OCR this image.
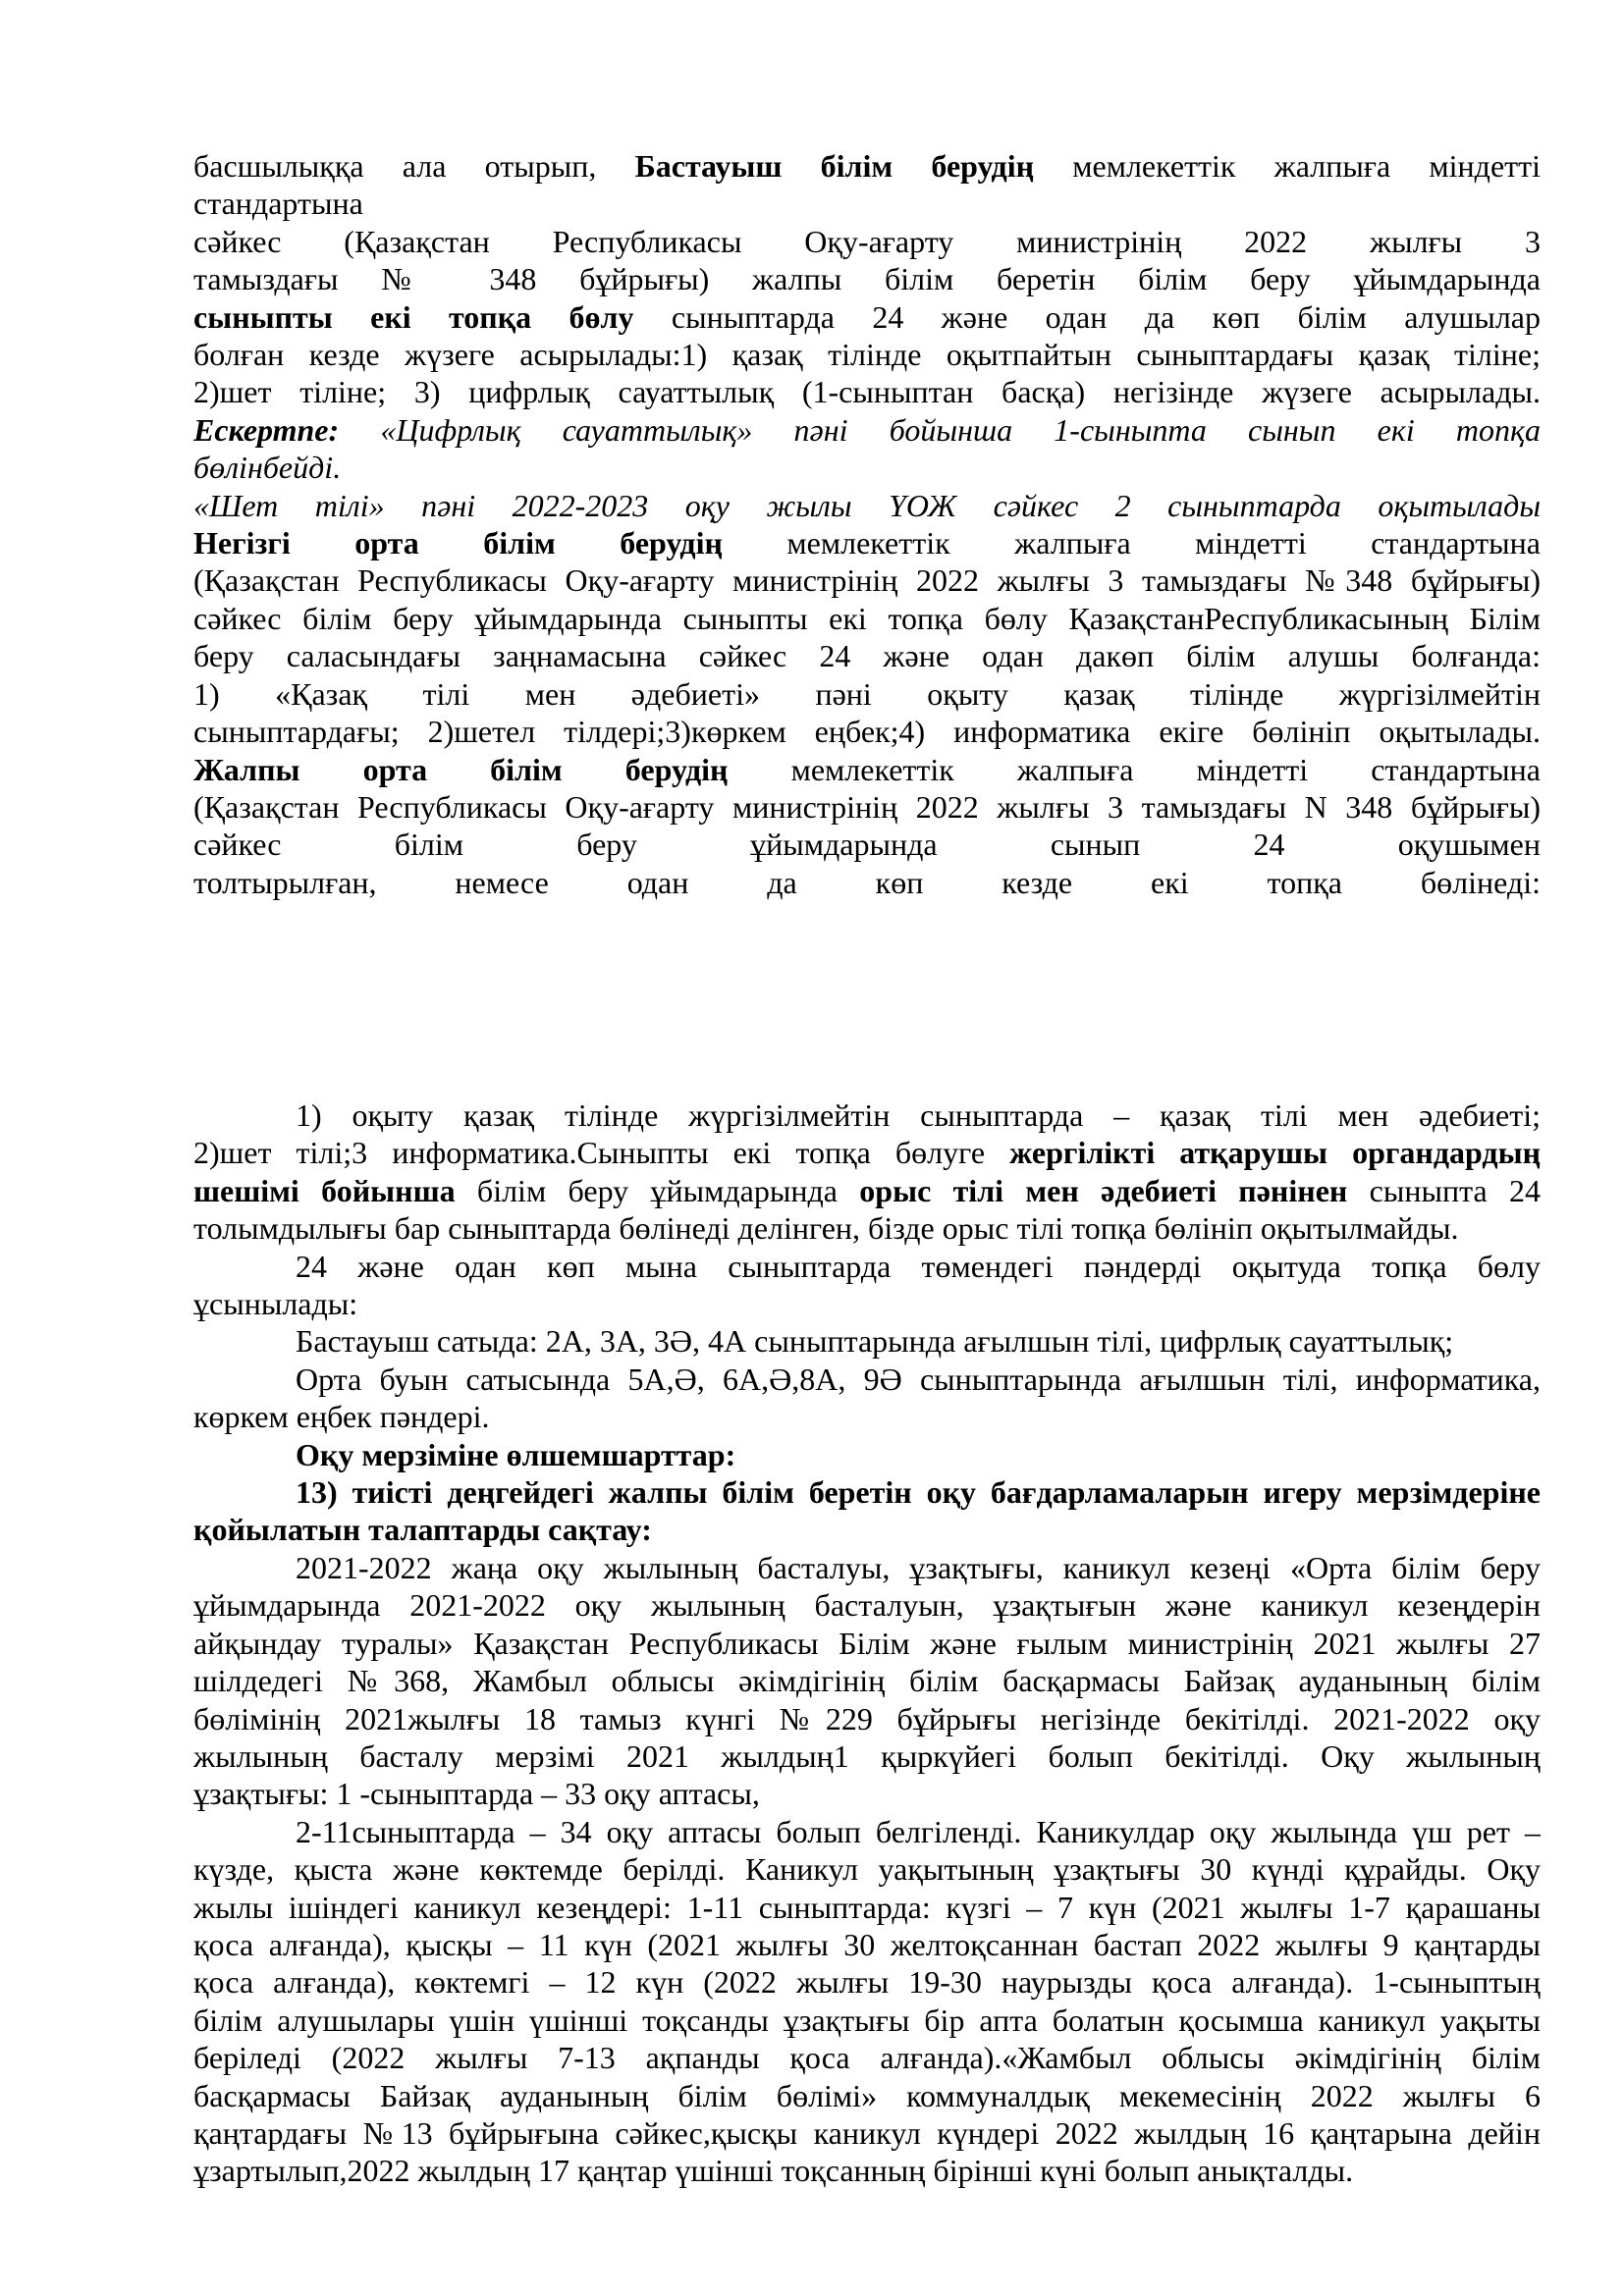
басшылыққа ала отырып, Бастауыш білім берудің мемлекеттік жалпыға міндетті
стандартына
сәйкес (Қазақстан Республикасы Оқу-ағарту министрінің 2022 жылғы 3
тамыздағы № 348 бұйрығы) жалпы білім беретін білім беру ұйымдарында
сыныпты екі топқа бөлу сыныптарда 24 және одан да көп білім алушылар
болған кезде жүзеге асырылады:1) қазақ тілінде оқытпайтын сыныптардағы қазақ тіліне;
2)шет тіліне; 3) цифрлық сауаттылық (1-сыныптан басқа) негізінде жүзеге асырылады.
Ескертпе: «Цифрлық сауаттылық» пәні бойынша 1-сыныпта сынып екі топқа
бөлінбейді.
«Шет тілі» пәні 2022-2023 оқу жылы ҮОЖ сәйкес 2 сыныптарда оқытылады
Негізгі орта білім берудің мемлекеттік жалпыға міндетті стандартына
(Қазақстан Республикасы Оқу-ағарту министрінің 2022 жылғы 3 тамыздағы №348 бұйрығы)
сәйкес білім беру ұйымдарында сыныпты екі топқа бөлу ҚазақстанРеспубликасының Білім
беру саласындағы заңнамасына сәйкес 24 және одан дакөп білім алушы болғанда:
1) «Қазақ тілі мен әдебиеті» пәні оқыту қазақ тілінде жүргізілмейтін
сыныптардағы; 2)шетел тілдері;3)көркем еңбек;4) информатика екігe бөлініп оқытылады.
Жалпы орта білім берудің мемлекеттік жалпыға міндетті стандартына
(Қазақстан Республикасы Оқу-ағарту министрінің 2022 жылғы 3 тамыздағы N 348 бұйрығы)
сәйкес білім беру ұйымдарында сынып 24 оқушымен
толтырылған, немесе одан да көп кезде екі топқа бөлінеді:
1) оқыту қазақ тілінде жүргізілмейтін сыныптарда – қазақ тілі мен әдебиеті;
2)шет тілі;3 информатика.Сыныпты екі топқа бөлуге жергілікті атқарушы органдардың
шешімі бойынша білім беру ұйымдарында орыс тілі мен әдебиеті пәнінен сыныпта 24
толымдылығы бар сыныптарда бөлінеді делінген, бізде орыс тілі топқа бөлініп оқытылмайды.
24 және одан көп мына сыныптарда төмендегі пәндерді оқытуда топқа бөлу
ұсынылады:
Бастауыш сатыда: 2А, 3А, 3Ә, 4А сыныптарында ағылшын тілі, цифрлық сауаттылық;
Орта буын сатысында 5А,Ә, 6А,Ә,8А, 9Ә сыныптарында ағылшын тілі, информатика,
көркем еңбек пәндері.
Оқу мерзіміне өлшемшарттар:
13) тиісті деңгейдегі жалпы білім беретін оқу бағдарламаларын игеру мерзімдеріне
қойылатын талаптарды сақтау:
2021-2022 жаңа оқу жылының басталуы, ұзақтығы, каникул кезеңі «Орта білім беру
ұйымдарында 2021-2022 оқу жылының басталуын, ұзақтығын және каникул кезеңдерін
айқындау туралы» Қазақстан Республикасы Білім және ғылым министрінің 2021 жылғы 27
шілдедегі №368, Жамбыл облысы әкімдігінің білім басқармасы Байзақ ауданының білім
бөлімінің 2021жылғы 18 тамыз күнгі №229 бұйрығы негізінде бекітілді. 2021-2022 оқу
жылының басталу мерзімі 2021 жылдың1 қыркүйегі болып бекітілді. Оқу жылының
ұзақтығы: 1 -сыныптарда – 33 оқу аптасы,
2-11сыныптарда – 34 оқу аптасы болып белгіленді. Каникулдар оқу жылында үш рет –
күзде, қыста және көктемде берілді. Каникул уақытының ұзақтығы 30 күнді құрайды. Оқу
жылы ішіндегі каникул кезеңдері: 1-11 сыныптарда: күзгі – 7 күн (2021 жылғы 1-7 қарашаны
қоса алғанда), қысқы – 11 күн (2021 жылғы 30 желтоқсаннан бастап 2022 жылғы 9 қаңтарды
қоса алғанда), көктемгі – 12 күн (2022 жылғы 19-30 наурызды қоса алғанда). 1-сыныптың
білім алушылары үшін үшінші тоқсанды ұзақтығы бір апта болатын қосымша каникул уақыты
беріледі (2022 жылғы 7-13 ақпанды қоса алғанда).«Жамбыл облысы әкімдігінің білім
басқармасы Байзақ ауданының білім бөлімі» коммуналдық мекемесінің 2022 жылғы 6
қаңтардағы №13 бұйрығына сәйкес,қысқы каникул күндері 2022 жылдың 16 қаңтарына дейін
ұзартылып,2022 жылдың 17 қаңтар үшінші тоқсанның бірінші күні болып анықталды.
